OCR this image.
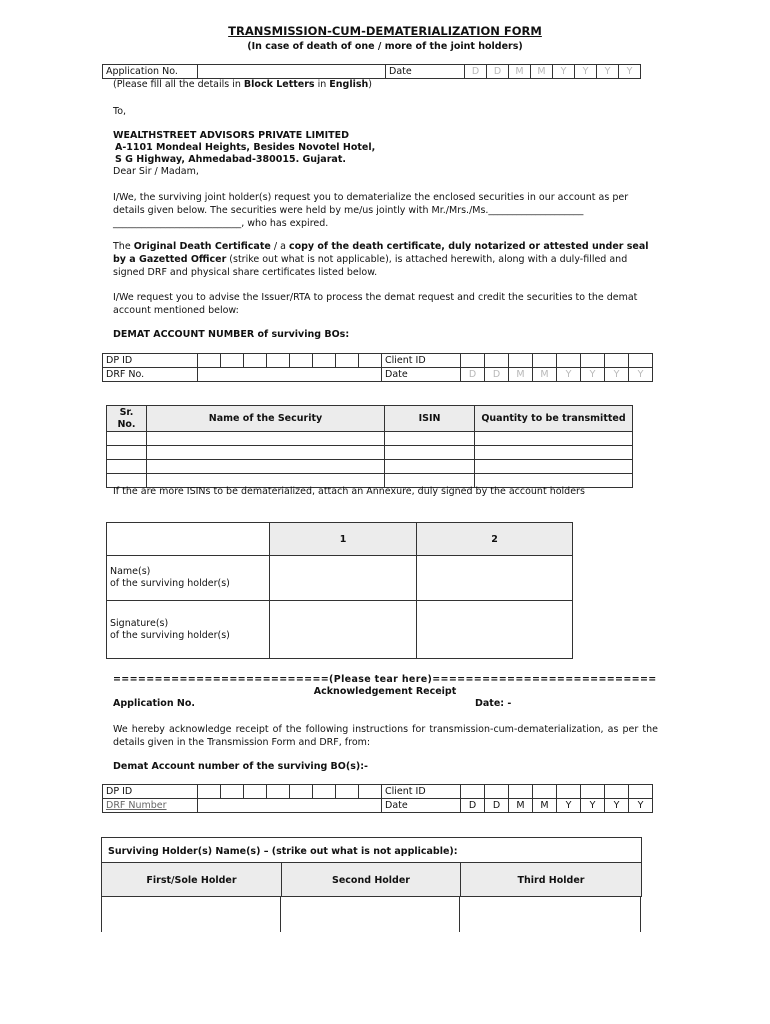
TRANSMISSION-CUM-DEMATERIALIZATION FORM
(In case of death of one / more of the joint holders)
Application No.		Date	D	D	M	M	Y	Y	Y	Y
(Please fill all the details in Block Letters in English)
To,
WEALTHSTREET ADVISORS PRIVATE LIMITED
A-1101 Mondeal Heights, Besides Novotel Hotel,
S G Highway, Ahmedabad-380015. Gujarat.
Dear Sir / Madam,
I/We, the surviving joint holder(s) request you to dematerialize the enclosed securities in our account as per details given below. The securities were held by me/us jointly with Mr./Mrs./Ms.____________________ ___________________________, who has expired.
The Original Death Certificate / a copy of the death certificate, duly notarized or attested under seal by a Gazetted Officer (strike out what is not applicable), is attached herewith, along with a duly-filled and signed DRF and physical share certificates listed below.
I/We request you to advise the Issuer/RTA to process the demat request and credit the securities to the demat account mentioned below:
DEMAT ACCOUNT NUMBER of surviving BOs:
DP ID									Client ID								
DRF No.									Date	D	D	M	M	Y	Y	Y	Y
Sr. No.	Name of the Security	ISIN	Quantity to be transmitted

If the are more ISINs to be dematerialized, attach an Annexure, duly signed by the account holders
	1	2
Name(s)
of the surviving holder(s)		
Signature(s)
of the surviving holder(s)		
==========================(Please tear here)===========================
Acknowledgement Receipt
Application No.	Date: -
We hereby acknowledge receipt of the following instructions for transmission-cum-dematerialization, as per the details given in the Transmission Form and DRF, from:
Demat Account number of the surviving BO(s):-
DP ID									Client ID								
DRF Number									Date	D	D	M	M	Y	Y	Y	Y
Surviving Holder(s) Name(s) – (strike out what is not applicable):
First/Sole Holder	Second Holder	Third Holder
